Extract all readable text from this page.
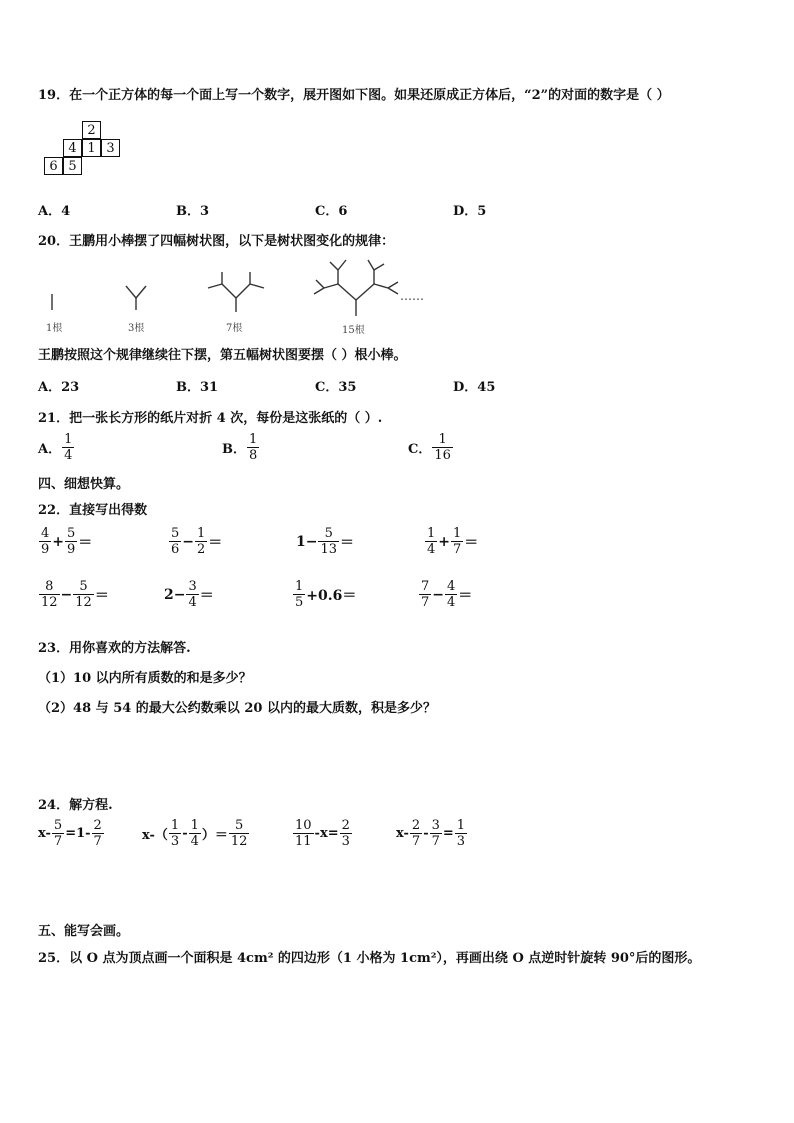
19．在一个正方体的每一个面上写一个数字，展开图如下图。如果还原成正方体后，“2”的对面的数字是（ ）
2
4 1 3
6 5
A．4	B．3	C．6	D．5
20．王鹏用小棒摆了四幅树状图，以下是树状图变化的规律：
……
1根	3根	7根	15根
王鹏按照这个规律继续往下摆，第五幅树状图要摆（ ）根小棒。
A．23	B．31	C．35	D．45
21．把一张长方形的纸片对折 4 次，每份是这张纸的（ ）.
A． $\frac{1}{4}$	B． $\frac{1}{8}$	C． $\frac{1}{16}$
四、细想快算。
22．直接写出得数
$\frac{4}{9} + \frac{5}{9}$ ＝	$\frac{5}{6} - \frac{1}{2}$ ＝	$1- \frac{5}{13}$ ＝	$\frac{1}{4} + \frac{1}{7}$ ＝
$\frac{8}{12} - \frac{5}{12}$ ＝	$2- \frac{3}{4}$ ＝	$\frac{1}{5} +0.6=$	$\frac{7}{7} - \frac{4}{4}$ ＝
23．用你喜欢的方法解答.
（1）10 以内所有质数的和是多少？
（2）48 与 54 的最大公约数乘以 20 以内的最大质数，积是多少？
24．解方程.
$x- \frac{5}{7} =1- \frac{2}{7}$	$x-( \frac{1}{3} - \frac{1}{4}$ ）＝ $\frac{5}{12}$	$\frac{10}{11} -x= \frac{2}{3}$	$x- \frac{2}{7} - \frac{3}{7} = \frac{1}{3}$
五、能写会画。
25．以 O 点为顶点画一个面积是 4cm² 的四边形（1 小格为 1cm²），再画出绕 O 点逆时针旋转 90°后的图形。
